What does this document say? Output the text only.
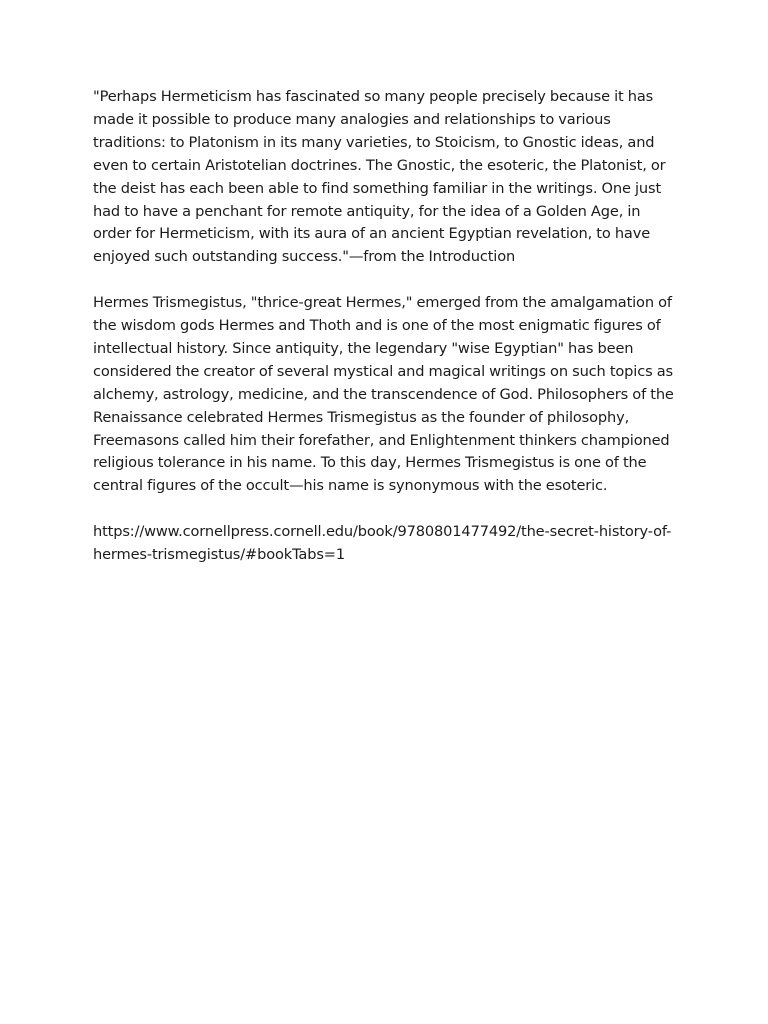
"Perhaps Hermeticism has fascinated so many people precisely because it has made it possible to produce many analogies and relationships to various traditions: to Platonism in its many varieties, to Stoicism, to Gnostic ideas, and even to certain Aristotelian doctrines. The Gnostic, the esoteric, the Platonist, or the deist has each been able to find something familiar in the writings. One just had to have a penchant for remote antiquity, for the idea of a Golden Age, in order for Hermeticism, with its aura of an ancient Egyptian revelation, to have enjoyed such outstanding success."—from the Introduction

Hermes Trismegistus, "thrice-great Hermes," emerged from the amalgamation of the wisdom gods Hermes and Thoth and is one of the most enigmatic figures of intellectual history. Since antiquity, the legendary "wise Egyptian" has been considered the creator of several mystical and magical writings on such topics as alchemy, astrology, medicine, and the transcendence of God. Philosophers of the Renaissance celebrated Hermes Trismegistus as the founder of philosophy, Freemasons called him their forefather, and Enlightenment thinkers championed religious tolerance in his name. To this day, Hermes Trismegistus is one of the central figures of the occult—his name is synonymous with the esoteric.

https://www.cornellpress.cornell.edu/book/9780801477492/the-secret-history-of-hermes-trismegistus/#bookTabs=1
